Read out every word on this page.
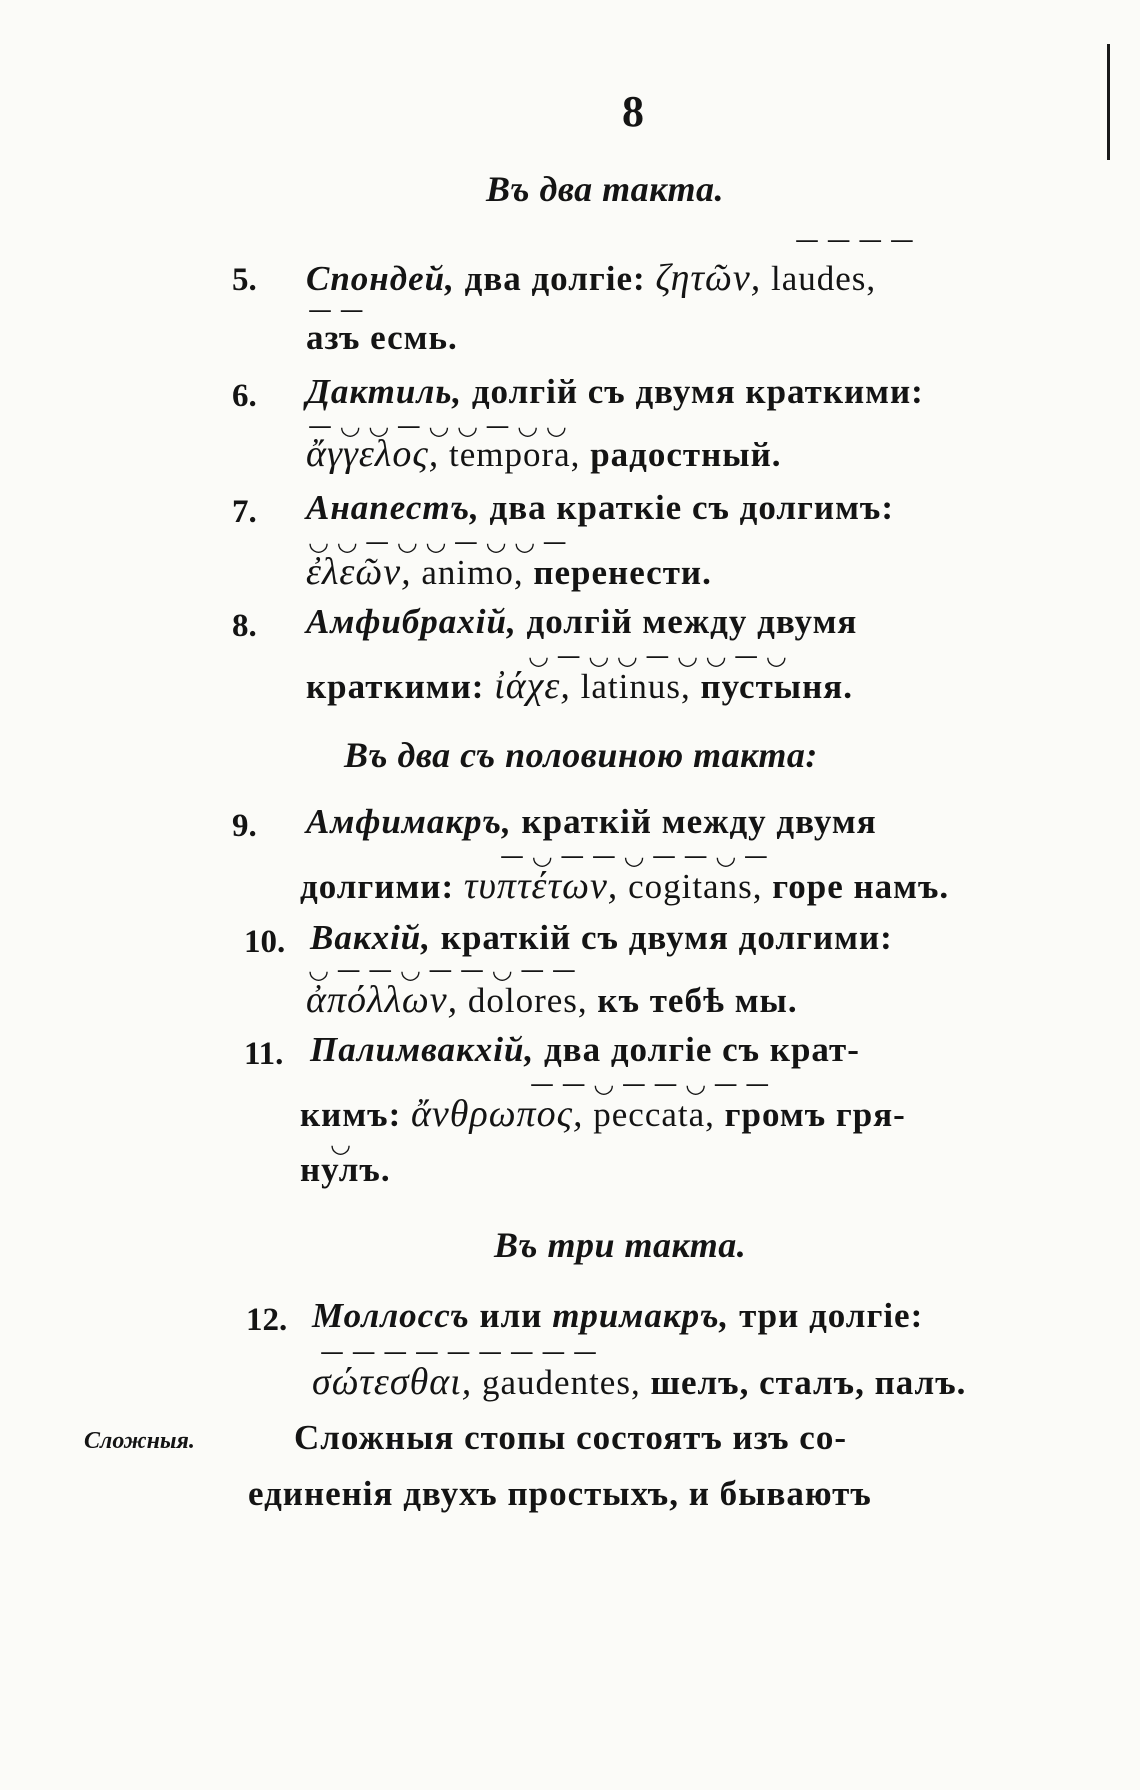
8
Въ два такта.
— — — —
5. Спондей, два долгіе: ζητῶν, laudes,
— —
азъ есмь.
6. Дактиль, долгій съ двумя краткими:
— ◡ ◡ — ◡ ◡ — ◡ ◡
ἄγγελος, tempora, радостный.
7. Анапестъ, два краткіе съ долгимъ:
◡ ◡ — ◡ ◡ — ◡ ◡ —
ἐλεῶν, animo, перенести.
8. Амфибрахій, долгій между двумя
◡ — ◡ ◡ — ◡ ◡ — ◡
краткими: ἰάχε, latinus, пустыня.
Въ два съ половиною такта:
9. Амфимакръ, краткій между двумя
— ◡ — — ◡ — — ◡ —
долгими: τυπτέτων, cogitans, горе намъ.
10. Вакхій, краткій съ двумя долгими:
◡ — — ◡ — — ◡ — —
ἀπόλλων, dolores, къ тебѣ мы.
11. Палимвакхій, два долгіе съ крат-
— — ◡ — — ◡ — —
кимъ: ἄνθρωπος, peccata, громъ гря-
◡
нулъ.
Въ три такта.
12. Моллоссъ или тримакръ, три долгіе:
— — — — — — — — —
σώτεσθαι, gaudentes, шелъ, сталъ, палъ.
Сложныя.	Сложныя стопы состоятъ изъ со-
единенія двухъ простыхъ, и бываютъ
